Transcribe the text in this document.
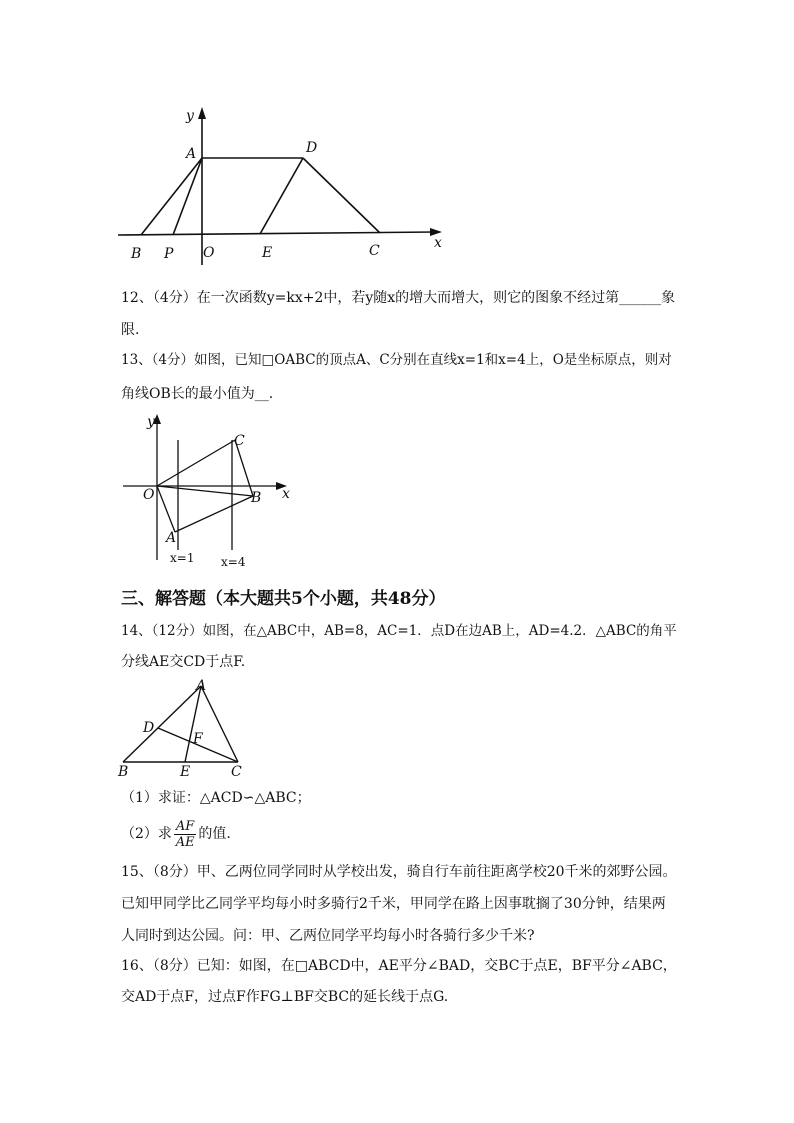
y
x
A	D
B P O	E	C
12、（4分）在一次函数y=kx+2中，若y随x的增大而增大，则它的图象不经过第______象
限.
13、（4分）如图，已知□OABC的顶点A、C分别在直线x=1和x=4上，O是坐标原点，则对
角线OB长的最小值为__.
y
x
O
C
B
A
x=1 x=4
三、解答题（本大题共5个小题，共48分）
14、（12分）如图，在△ABC中，AB=8，AC=1．点D在边AB上，AD=4.2．△ABC的角平
分线AE交CD于点F.
A
D
F
B	E	C
（1）求证：△ACD∽△ABC；
（2）求 $\frac{AF}{AE}$ 的值.
15、（8分）甲、乙两位同学同时从学校出发，骑自行车前往距离学校20千米的郊野公园。
已知甲同学比乙同学平均每小时多骑行2千米，甲同学在路上因事耽搁了30分钟，结果两
人同时到达公园。问：甲、乙两位同学平均每小时各骑行多少千米?
16、（8分）已知：如图，在□ABCD中，AE平分∠BAD，交BC于点E，BF平分∠ABC，
交AD于点F，过点F作FG⊥BF交BC的延长线于点G.
